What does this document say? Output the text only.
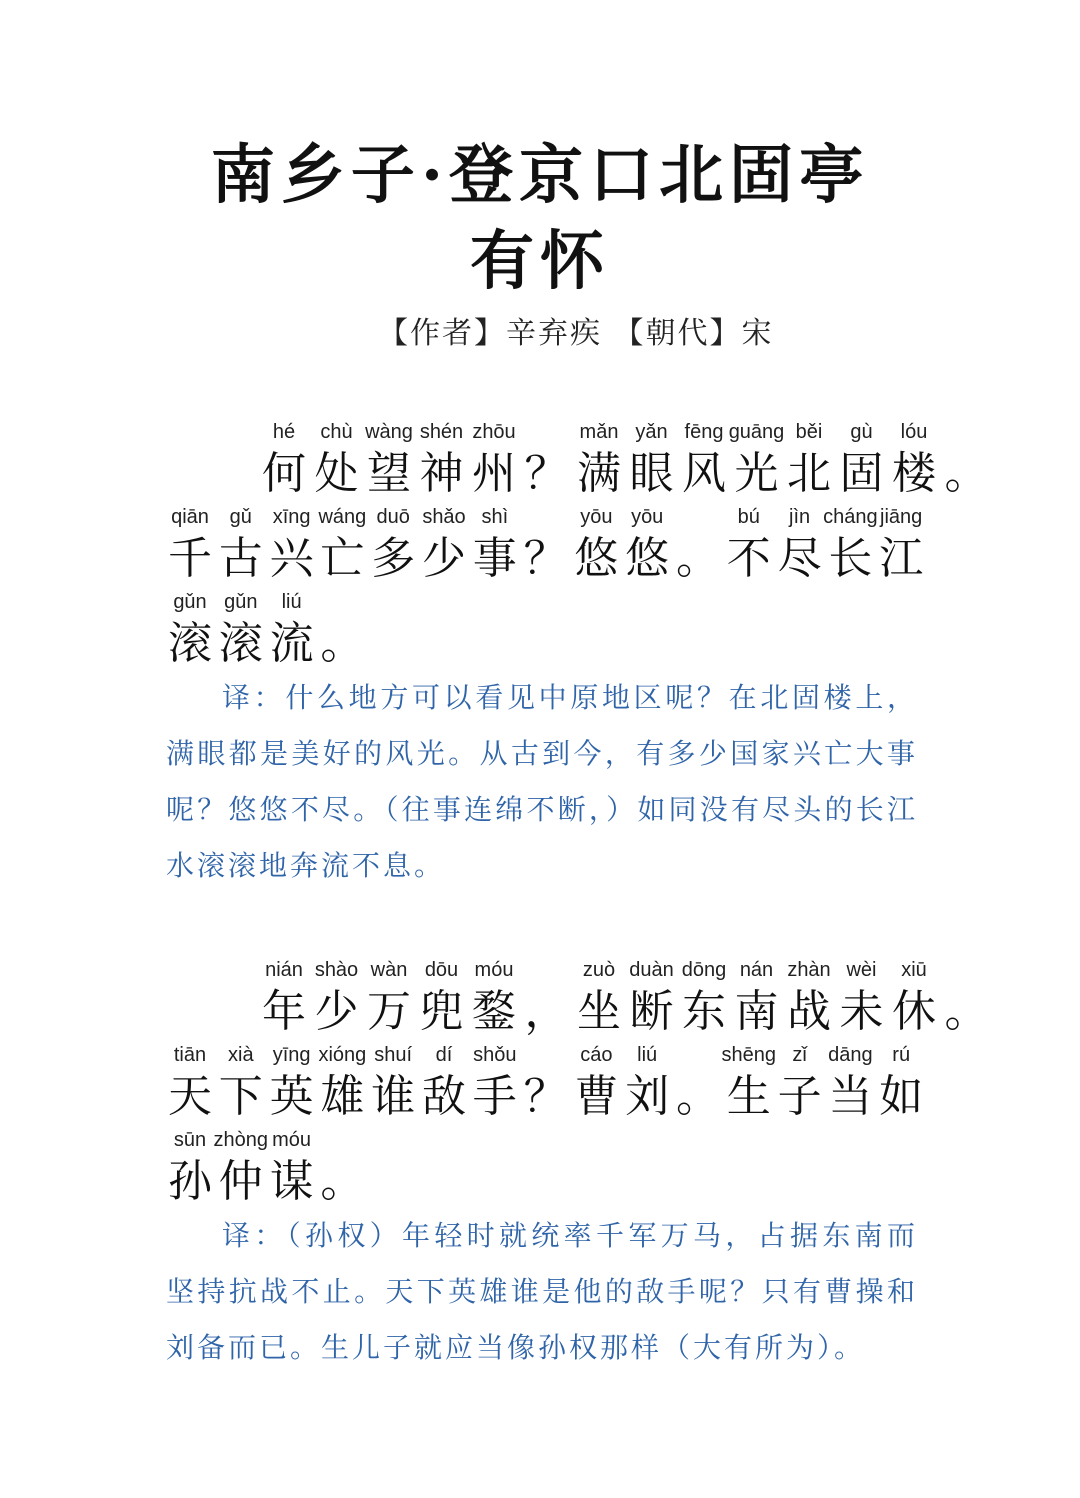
南乡子·登京口北固亭
有怀
【作者】辛弃疾 【朝代】宋
hé
何
chù
处
wàng
望
shén
神
zhōu
州 ？
mǎn
满
yǎn
眼
fēng
风
guāng
光
běi
北
gù
固
lóu
楼 。
qiān
千
gǔ
古
xīng
兴
wáng
亡
duō
多
shǎo
少
shì
事 ？
yōu
悠
yōu
悠 。
bú
不
jìn
尽
cháng
长
jiāng
江
gǔn
滚
gǔn
滚
liú
流 。
译：什么地方可以看见中原地区呢？在北固楼上，满眼都是美好的风光。从古到今，有多少国家兴亡大事呢？悠悠不尽。（往事连绵不断，）如同没有尽头的长江水滚滚地奔流不息。
nián
年
shào
少
wàn
万
dōu
兜
móu
鍪 ，
zuò
坐
duàn
断
dōng
东
nán
南
zhàn
战
wèi
未
xiū
休 。
tiān
天
xià
下
yīng
英
xióng
雄
shuí
谁
dí
敌
shǒu
手 ？
cáo
曹
liú
刘 。
shēng
生
zǐ
子
dāng
当
rú
如
sūn
孙
zhòng
仲
móu
谋 。
译：（孙权）年轻时就统率千军万马，占据东南而坚持抗战不止。天下英雄谁是他的敌手呢？只有曹操和刘备而已。生儿子就应当像孙权那样（大有所为）。
